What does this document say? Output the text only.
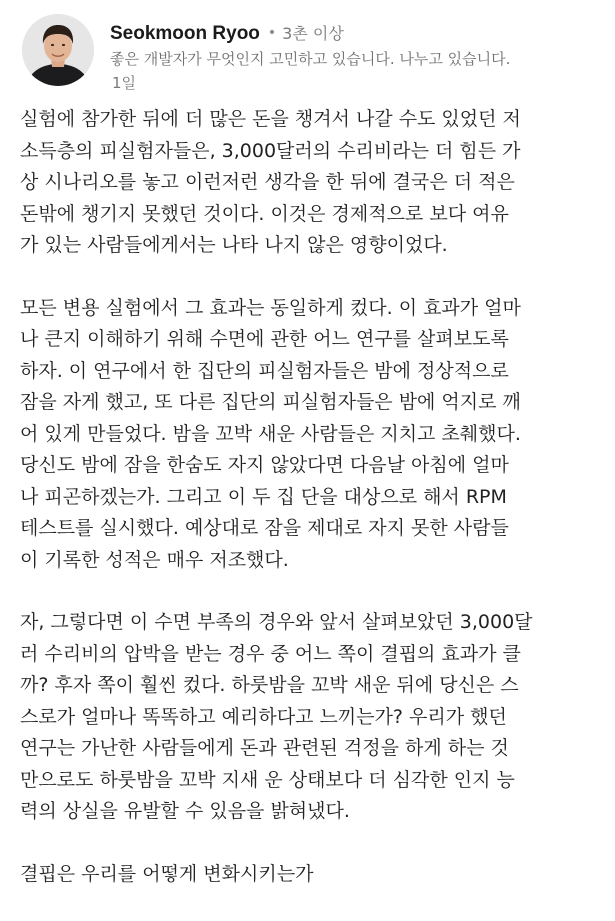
Seokmoon Ryoo • 3촌 이상
좋은 개발자가 무엇인지 고민하고 있습니다. 나누고 있습니다.
1일

실험에 참가한 뒤에 더 많은 돈을 챙겨서 나갈 수도 있었던 저
소득층의 피실험자들은, 3,000달러의 수리비라는 더 힘든 가
상 시나리오를 놓고 이런저런 생각을 한 뒤에 결국은 더 적은
돈밖에 챙기지 못했던 것이다. 이것은 경제적으로 보다 여유
가 있는 사람들에게서는 나타 나지 않은 영향이었다.

모든 변용 실험에서 그 효과는 동일하게 컸다. 이 효과가 얼마
나 큰지 이해하기 위해 수면에 관한 어느 연구를 살펴보도록
하자. 이 연구에서 한 집단의 피실험자들은 밤에 정상적으로
잠을 자게 했고, 또 다른 집단의 피실험자들은 밤에 억지로 깨
어 있게 만들었다. 밤을 꼬박 새운 사람들은 지치고 초췌했다.
당신도 밤에 잠을 한숨도 자지 않았다면 다음날 아침에 얼마
나 피곤하겠는가. 그리고 이 두 집 단을 대상으로 해서 RPM
테스트를 실시했다. 예상대로 잠을 제대로 자지 못한 사람들
이 기록한 성적은 매우 저조했다.

자, 그렇다면 이 수면 부족의 경우와 앞서 살펴보았던 3,000달
러 수리비의 압박을 받는 경우 중 어느 쪽이 결핍의 효과가 클
까? 후자 쪽이 훨씬 컸다. 하룻밤을 꼬박 새운 뒤에 당신은 스
스로가 얼마나 똑똑하고 예리하다고 느끼는가? 우리가 했던
연구는 가난한 사람들에게 돈과 관련된 걱정을 하게 하는 것
만으로도 하룻밤을 꼬박 지새 운 상태보다 더 심각한 인지 능
력의 상실을 유발할 수 있음을 밝혀냈다.

결핍은 우리를 어떻게 변화시키는가
